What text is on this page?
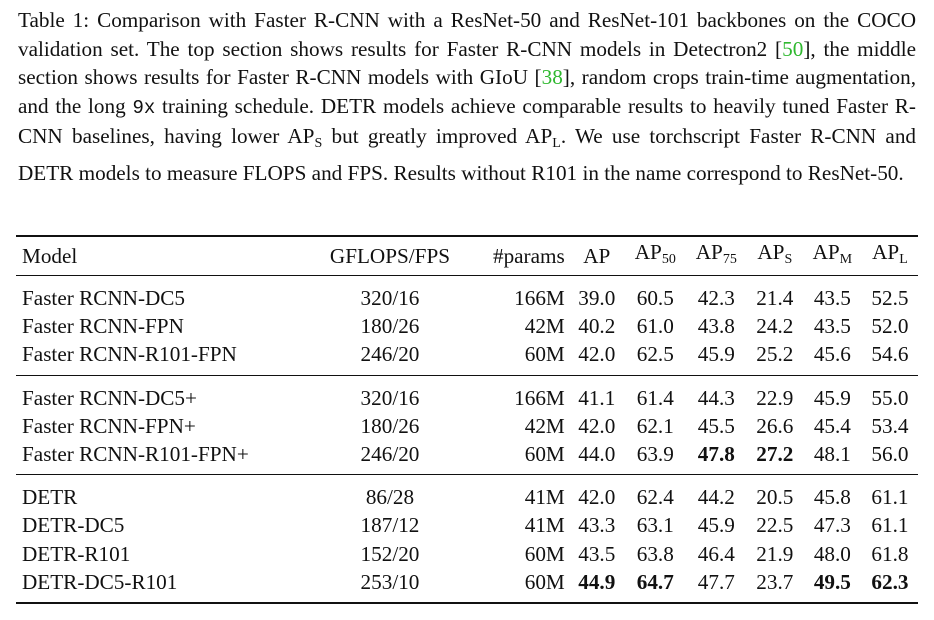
Table 1: Comparison with Faster R-CNN with a ResNet-50 and ResNet-101 backbones on the COCO validation set. The top section shows results for Faster R-CNN models in Detectron2 [50], the middle section shows results for Faster R-CNN models with GIoU [38], random crops train-time augmentation, and the long 9x training schedule. DETR models achieve comparable results to heavily tuned Faster R-CNN baselines, having lower $AP_S$ but greatly improved $AP_L$. We use torchscript Faster R-CNN and DETR models to measure FLOPS and FPS. Results without R101 in the name correspond to ResNet-50.
Model	GFLOPS/FPS	#params	AP	$AP_{50}$	$AP_{75}$	$AP_S$	$AP_M$	$AP_L$
Faster RCNN-DC5	320/16	166M	39.0	60.5	42.3	21.4	43.5	52.5
Faster RCNN-FPN	180/26	42M	40.2	61.0	43.8	24.2	43.5	52.0
Faster RCNN-R101-FPN	246/20	60M	42.0	62.5	45.9	25.2	45.6	54.6
Faster RCNN-DC5+	320/16	166M	41.1	61.4	44.3	22.9	45.9	55.0
Faster RCNN-FPN+	180/26	42M	42.0	62.1	45.5	26.6	45.4	53.4
Faster RCNN-R101-FPN+	246/20	60M	44.0	63.9	47.8	27.2	48.1	56.0
DETR	86/28	41M	42.0	62.4	44.2	20.5	45.8	61.1
DETR-DC5	187/12	41M	43.3	63.1	45.9	22.5	47.3	61.1
DETR-R101	152/20	60M	43.5	63.8	46.4	21.9	48.0	61.8
DETR-DC5-R101	253/10	60M	44.9	64.7	47.7	23.7	49.5	62.3
